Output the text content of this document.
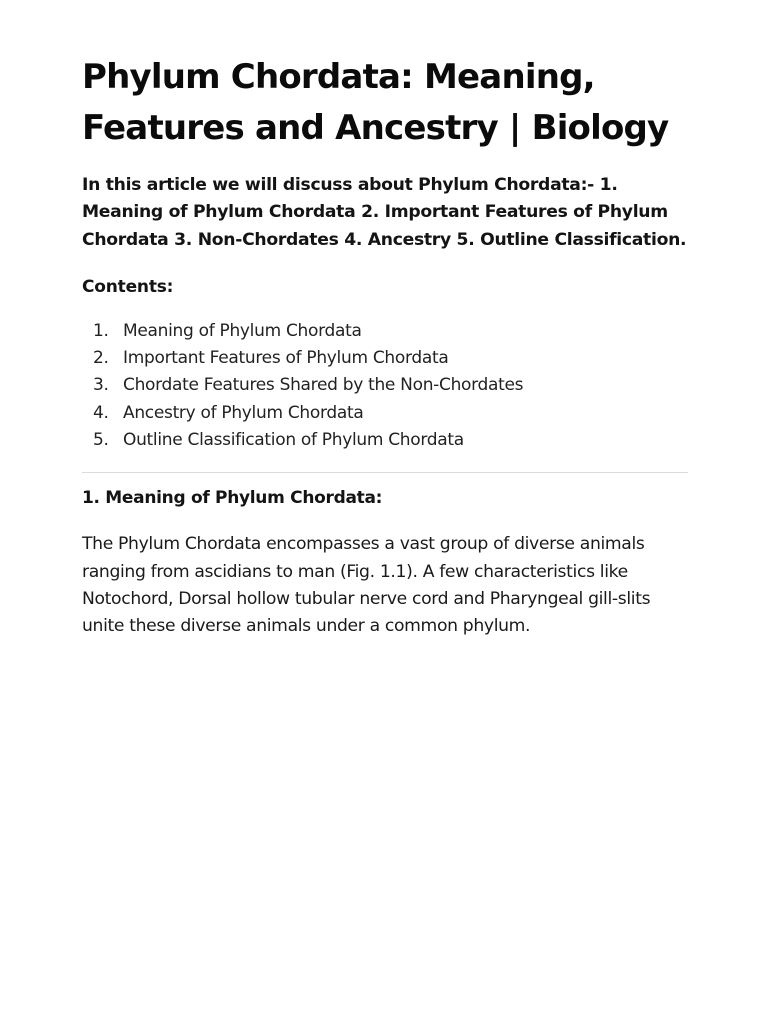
Phylum Chordata: Meaning, Features and Ancestry | Biology

In this article we will discuss about Phylum Chordata:- 1. Meaning of Phylum Chordata 2. Important Features of Phylum Chordata 3. Non-Chordates 4. Ancestry 5. Outline Classification.

Contents:
1. Meaning of Phylum Chordata
2. Important Features of Phylum Chordata
3. Chordate Features Shared by the Non-Chordates
4. Ancestry of Phylum Chordata
5. Outline Classification of Phylum Chordata
1. Meaning of Phylum Chordata:

The Phylum Chordata encompasses a vast group of diverse animals ranging from ascidians to man (Fig. 1.1). A few characteristics like Notochord, Dorsal hollow tubular nerve cord and Pharyngeal gill-slits unite these diverse animals under a common phylum.
